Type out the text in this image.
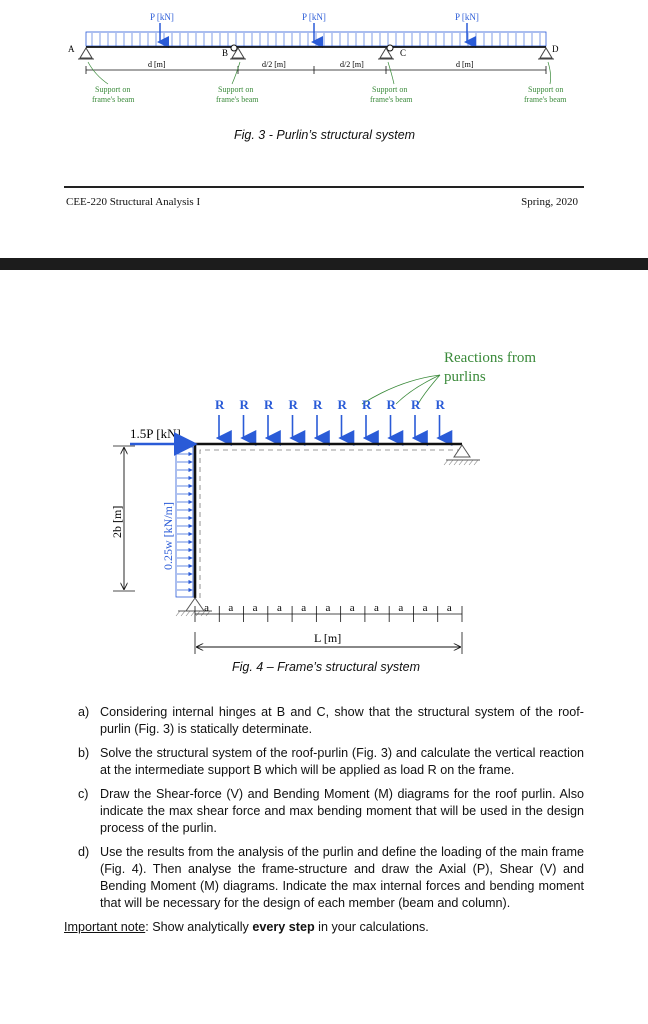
P [kN]	P [kN]	P [kN]
A	B	C	D
d [m]	d/2 [m]	d/2 [m]	d [m]
Support on
frame's beam
Support on
frame's beam
Support on
frame's beam
Support on
frame's beam
Fig. 3 - Purlin’s structural system
CEE-220 Structural Analysis I	Spring, 2020
Reactions from
purlins
R R R R R R R R R R
1.5P [kN]
0.25w [kN/m]
2b [m]
a a a a a a a a a a a
L [m]
Fig. 4 – Frame’s structural system
a) Considering internal hinges at B and C, show that the structural system of the roof-purlin (Fig. 3) is statically determinate.
b) Solve the structural system of the roof-purlin (Fig. 3) and calculate the vertical reaction at the intermediate support B which will be applied as load R on the frame.
c) Draw the Shear-force (V) and Bending Moment (M) diagrams for the roof purlin. Also indicate the max shear force and max bending moment that will be used in the design process of the purlin.
d) Use the results from the analysis of the purlin and define the loading of the main frame (Fig. 4). Then analyse the frame-structure and draw the Axial (P), Shear (V) and Bending Moment (M) diagrams. Indicate the max internal forces and bending moment that will be necessary for the design of each member (beam and column).
Important note: Show analytically every step in your calculations.
